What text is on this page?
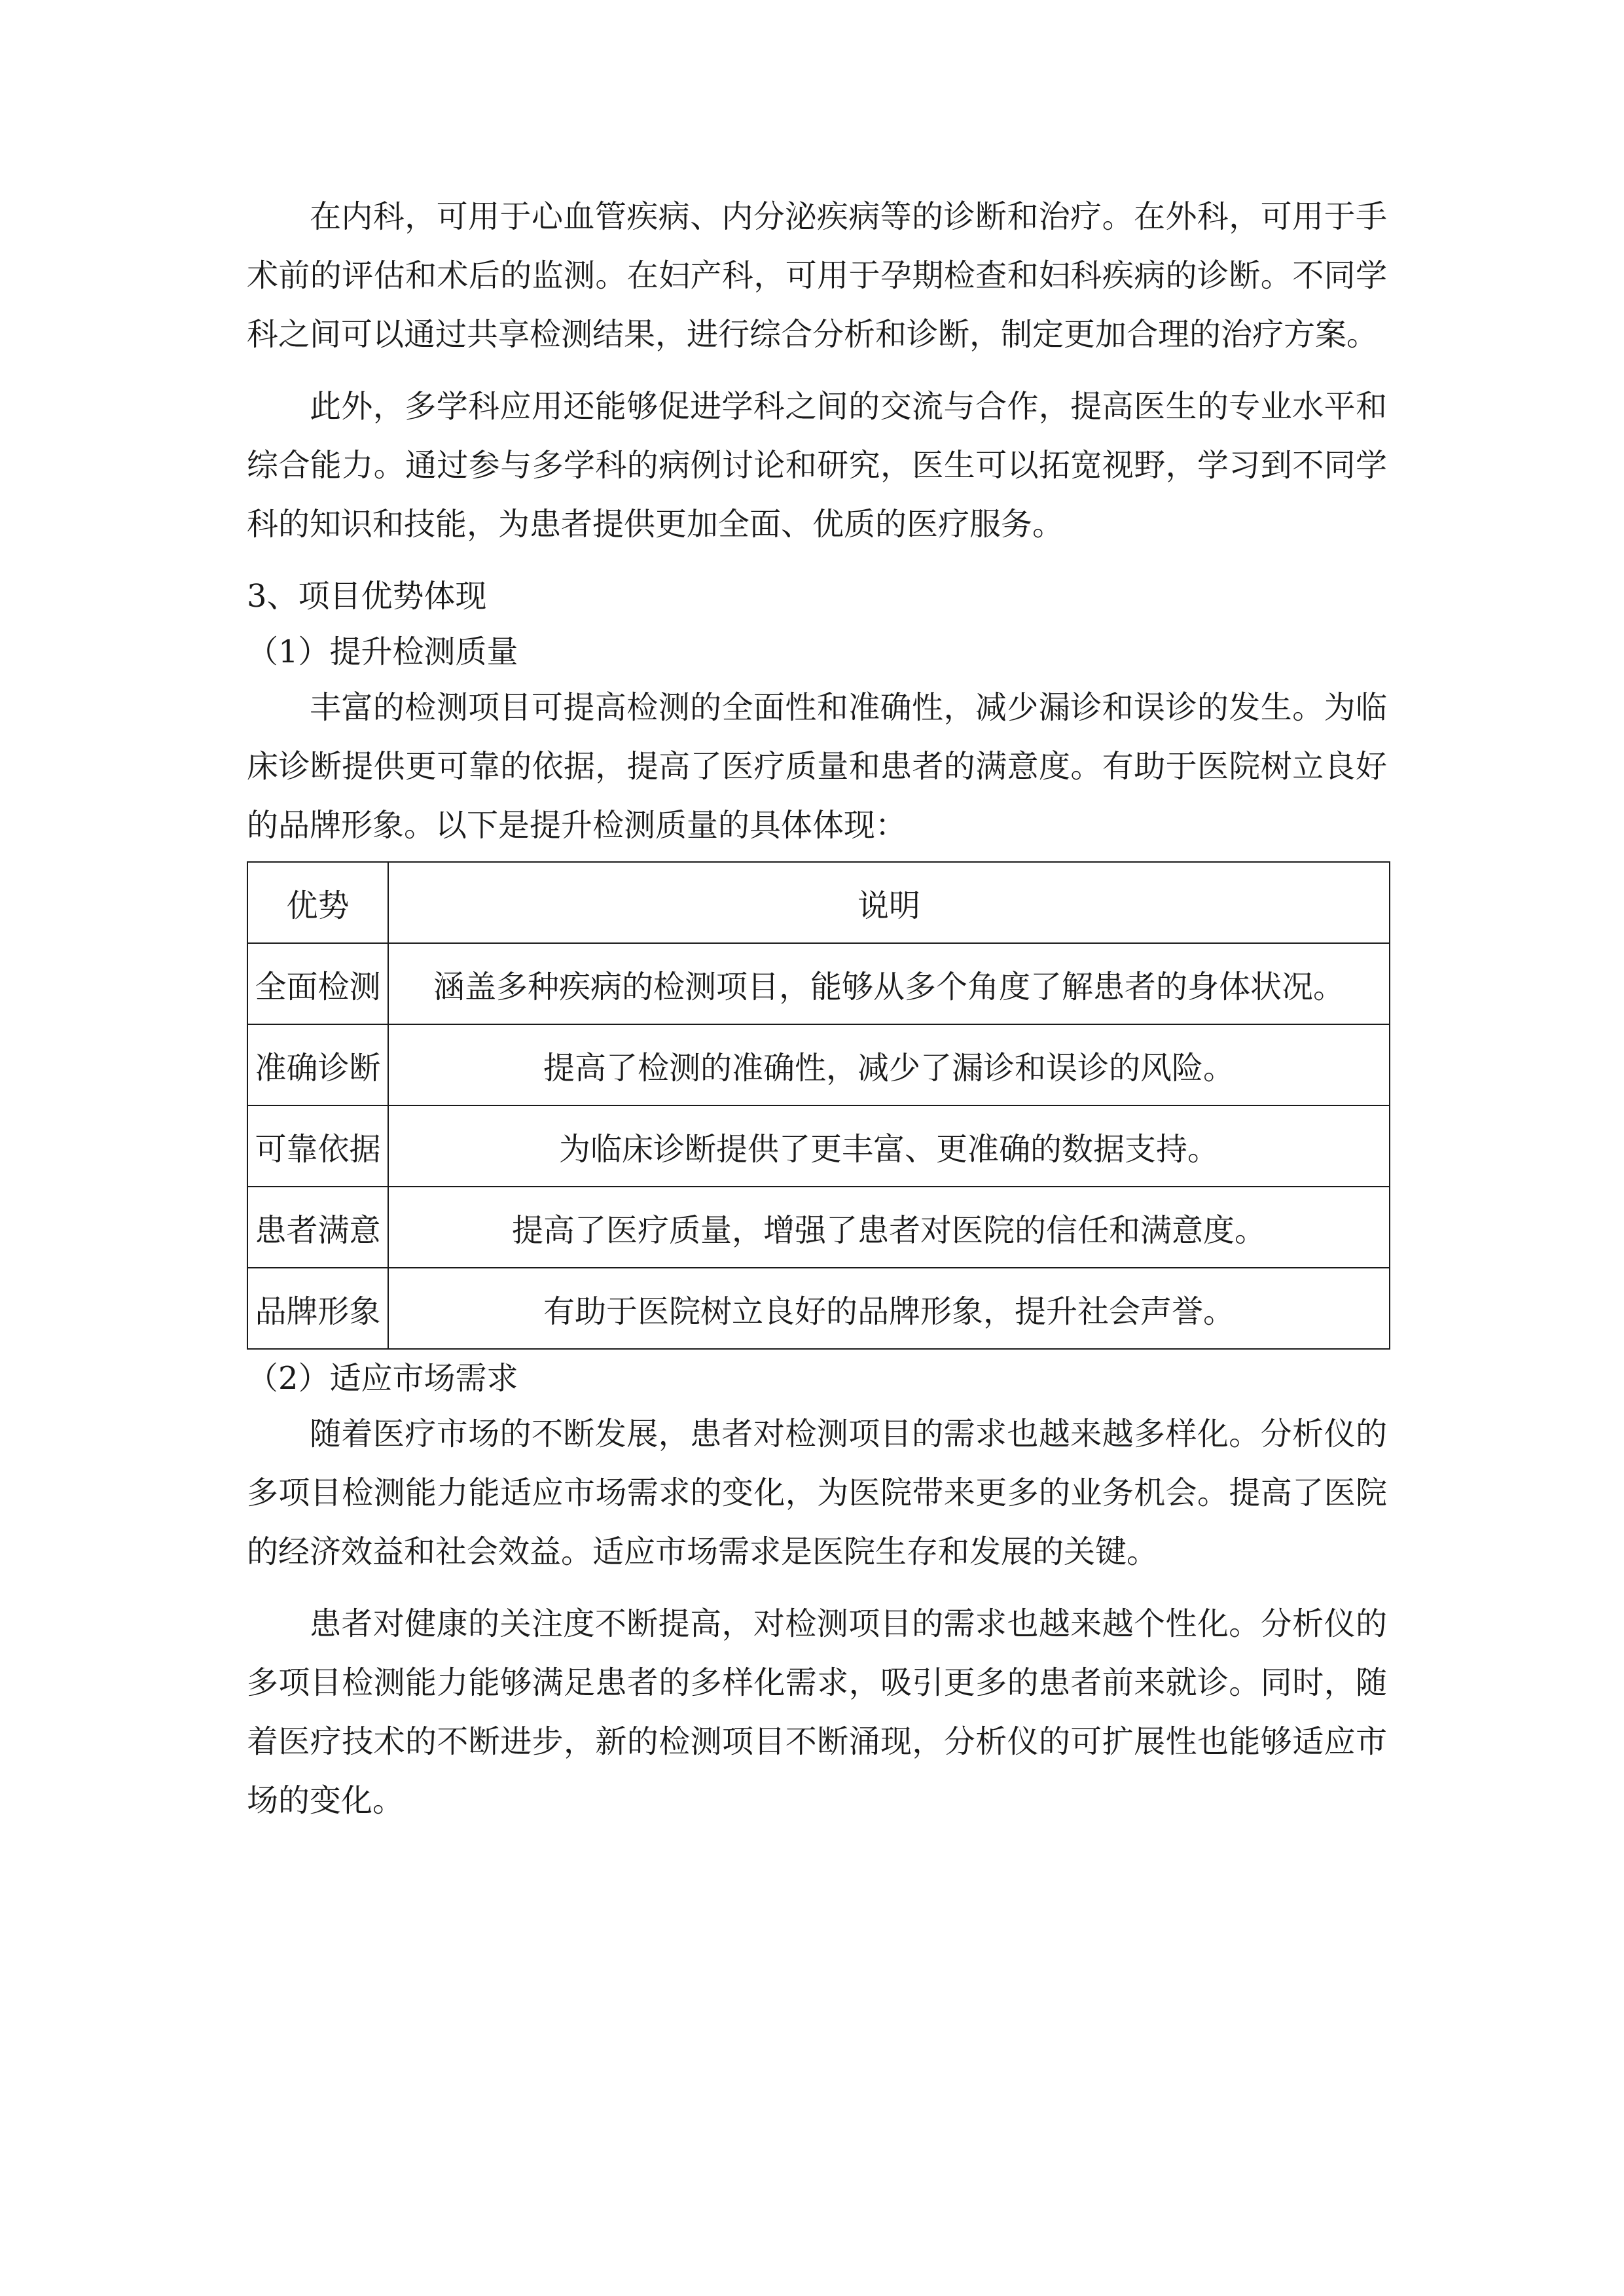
在内科，可用于心血管疾病、内分泌疾病等的诊断和治疗。在外科，可用于手术前的评估和术后的监测。在妇产科，可用于孕期检查和妇科疾病的诊断。不同学科之间可以通过共享检测结果，进行综合分析和诊断，制定更加合理的治疗方案。

此外，多学科应用还能够促进学科之间的交流与合作，提高医生的专业水平和综合能力。通过参与多学科的病例讨论和研究，医生可以拓宽视野，学习到不同学科的知识和技能，为患者提供更加全面、优质的医疗服务。

3、项目优势体现

（1）提升检测质量

丰富的检测项目可提高检测的全面性和准确性，减少漏诊和误诊的发生。为临床诊断提供更可靠的依据，提高了医疗质量和患者的满意度。有助于医院树立良好的品牌形象。以下是提升检测质量的具体体现：

优势	说明
全面检测	涵盖多种疾病的检测项目，能够从多个角度了解患者的身体状况。
准确诊断	提高了检测的准确性，减少了漏诊和误诊的风险。
可靠依据	为临床诊断提供了更丰富、更准确的数据支持。
患者满意	提高了医疗质量，增强了患者对医院的信任和满意度。
品牌形象	有助于医院树立良好的品牌形象，提升社会声誉。

（2）适应市场需求

随着医疗市场的不断发展，患者对检测项目的需求也越来越多样化。分析仪的多项目检测能力能适应市场需求的变化，为医院带来更多的业务机会。提高了医院的经济效益和社会效益。适应市场需求是医院生存和发展的关键。

患者对健康的关注度不断提高，对检测项目的需求也越来越个性化。分析仪的多项目检测能力能够满足患者的多样化需求，吸引更多的患者前来就诊。同时，随着医疗技术的不断进步，新的检测项目不断涌现，分析仪的可扩展性也能够适应市场的变化。
